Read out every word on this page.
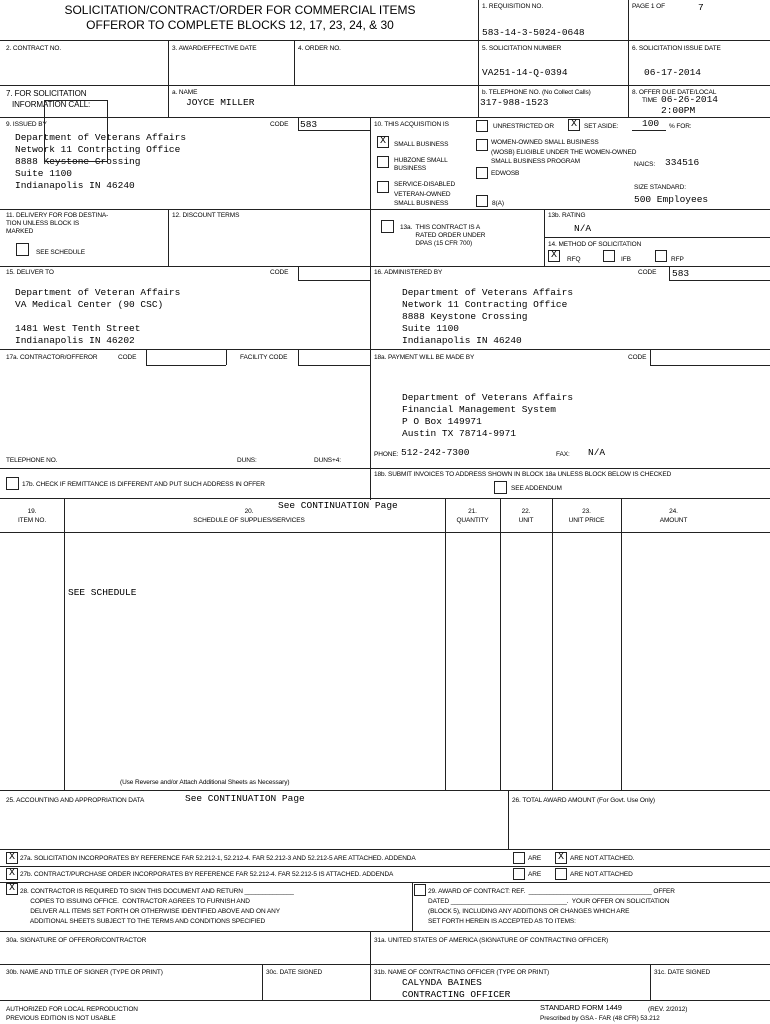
SOLICITATION/CONTRACT/ORDER FOR COMMERCIAL ITEMS
OFFEROR TO COMPLETE BLOCKS 12, 17, 23, 24, & 30
1. REQUISITION NO.
583-14-3-5024-0648
PAGE 1 OF	7
2. CONTRACT NO.	3. AWARD/EFFECTIVE DATE	4. ORDER NO.	5. SOLICITATION NUMBER
VA251-14-Q-0394
6. SOLICITATION ISSUE DATE
06-17-2014
7. FOR SOLICITATION
INFORMATION CALL:
a. NAME
JOYCE MILLER
b. TELEPHONE NO. (No Collect Calls)
317-988-1523
8. OFFER DUE DATE/LOCAL
TIME 06-26-2014
2:00PM
9. ISSUED BY	CODE 583
Department of Veterans Affairs
Network 11 Contracting Office
8888 Keystone Crossing
Suite 1100
Indianapolis IN 46240
10. THIS ACQUISITION IS	UNRESTRICTED OR X	SET ASIDE: 100 % FOR:
X	SMALL BUSINESS	WOMEN-OWNED SMALL BUSINESS
(WOSB) ELIGIBLE UNDER THE WOMEN-OWNED
SMALL BUSINESS PROGRAM
HUBZONE SMALL
BUSINESS
EDWOSB
NAICS: 334516
SERVICE-DISABLED
VETERAN-OWNED
SMALL BUSINESS	8(A)
SIZE STANDARD:
500 Employees
11. DELIVERY FOR FOB DESTINA-
TION UNLESS BLOCK IS
MARKED
SEE SCHEDULE
12. DISCOUNT TERMS
13a.  THIS CONTRACT IS A
RATED ORDER UNDER
DPAS (15 CFR 700)
13b. RATING
N/A
14. METHOD OF SOLICITATION
X	RFQ	IFB	RFP
15. DELIVER TO	CODE
Department of Veteran Affairs
VA Medical Center (90 CSC)

1481 West Tenth Street
Indianapolis IN 46202
16. ADMINISTERED BY	CODE 583
Department of Veterans Affairs
Network 11 Contracting Office
8888 Keystone Crossing
Suite 1100
Indianapolis IN 46240
17a. CONTRACTOR/OFFEROR	CODE	FACILITY CODE
TELEPHONE NO.	DUNS:	DUNS+4:
17b. CHECK IF REMITTANCE IS DIFFERENT AND PUT SUCH ADDRESS IN OFFER
18a. PAYMENT WILL BE MADE BY	CODE
Department of Veterans Affairs
Financial Management System
P O Box 149971
Austin TX 78714-9971
PHONE: 512-242-7300	FAX: N/A
18b. SUBMIT INVOICES TO ADDRESS SHOWN IN BLOCK 18a UNLESS BLOCK BELOW IS CHECKED
SEE ADDENDUM
19.
ITEM NO.
20.
SCHEDULE OF SUPPLIES/SERVICES
See CONTINUATION Page
21.
QUANTITY
22.
UNIT
23.
UNIT PRICE
24.
AMOUNT
SEE SCHEDULE
(Use Reverse and/or Attach Additional Sheets as Necessary)
25. ACCOUNTING AND APPROPRIATION DATA	See CONTINUATION Page	26. TOTAL AWARD AMOUNT (For Govt. Use Only)
X 27a. SOLICITATION INCORPORATES BY REFERENCE FAR 52.212-1, 52.212-4. FAR 52.212-3 AND 52.212-5 ARE ATTACHED. ADDENDA	ARE X ARE NOT ATTACHED.
X 27b. CONTRACT/PURCHASE ORDER INCORPORATES BY REFERENCE FAR 52.212-4. FAR 52.212-5 IS ATTACHED. ADDENDA	ARE	ARE NOT ATTACHED
X 28. CONTRACTOR IS REQUIRED TO SIGN THIS DOCUMENT AND RETURN ______________
COPIES TO ISSUING OFFICE.  CONTRACTOR AGREES TO FURNISH AND
DELIVER ALL ITEMS SET FORTH OR OTHERWISE IDENTIFIED ABOVE AND ON ANY
ADDITIONAL SHEETS SUBJECT TO THE TERMS AND CONDITIONS SPECIFIED
29. AWARD OF CONTRACT: REF.  ___________________________________ OFFER
DATED _________________________________.  YOUR OFFER ON SOLICITATION
(BLOCK 5), INCLUDING ANY ADDITIONS OR CHANGES WHICH ARE
SET FORTH HEREIN IS ACCEPTED AS TO ITEMS:
30a. SIGNATURE OF OFFEROR/CONTRACTOR	31a. UNITED STATES OF AMERICA (SIGNATURE OF CONTRACTING OFFICER)
30b. NAME AND TITLE OF SIGNER (TYPE OR PRINT)	30c. DATE SIGNED	31b. NAME OF CONTRACTING OFFICER (TYPE OR PRINT)
CALYNDA BAINES
CONTRACTING OFFICER
31c. DATE SIGNED
AUTHORIZED FOR LOCAL REPRODUCTION
PREVIOUS EDITION IS NOT USABLE
STANDARD FORM 1449	(REV. 2/2012)
Prescribed by GSA - FAR (48 CFR) 53.212
